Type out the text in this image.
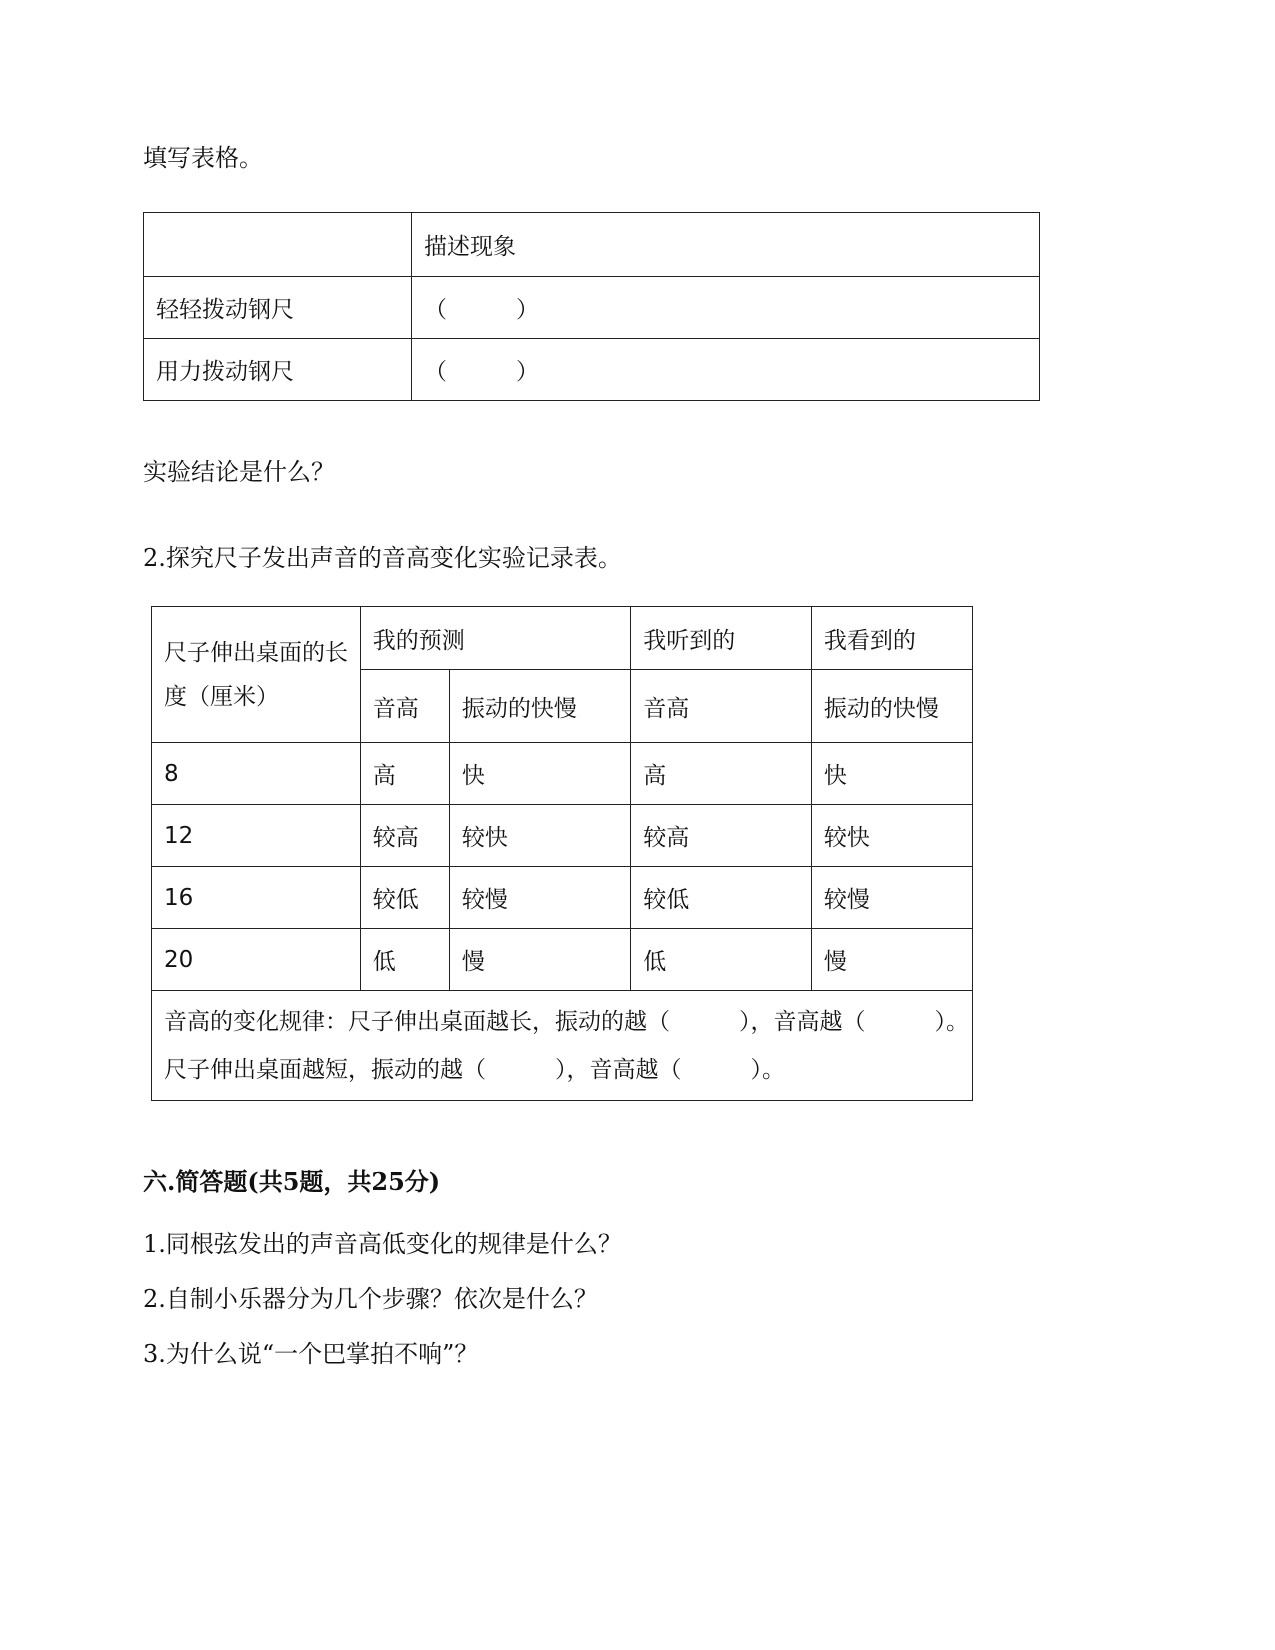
填写表格。
	描述现象
轻轻拨动钢尺	（　　　）
用力拨动钢尺	（　　　）
实验结论是什么？
2.探究尺子发出声音的音高变化实验记录表。
尺子伸出桌面的长度（厘米）	我的预测		我听到的	我看到的
	音高	振动的快慢	音高	振动的快慢
8	高	快	高	快
12	较高	较快	较高	较快
16	较低	较慢	较低	较慢
20	低	慢	低	慢

音高的变化规律：尺子伸出桌面越长，振动的越（　　　），音高越（　　　）。
尺子伸出桌面越短，振动的越（　　　），音高越（　　　）。				
六.简答题(共5题，共25分)
1.同根弦发出的声音高低变化的规律是什么？
2.自制小乐器分为几个步骤？依次是什么？
3.为什么说“一个巴掌拍不响”？
